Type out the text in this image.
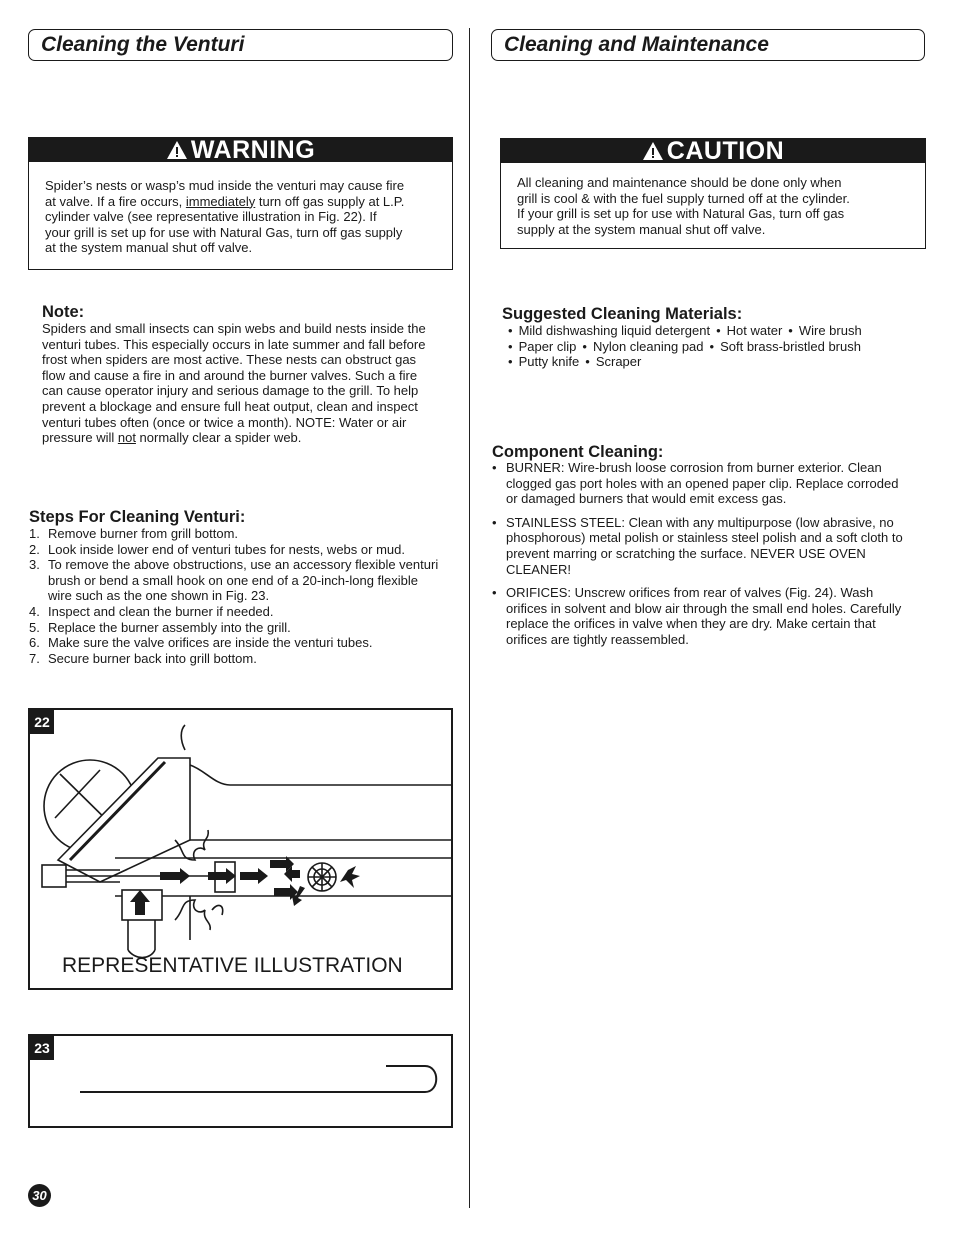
Cleaning the Venturi
WARNING
Spider’s nests or wasp’s mud inside the venturi may cause fire
at valve. If a fire occurs, immediately turn off gas supply at L.P.
cylinder valve (see representative illustration in Fig. 22). If
your grill is set up for use with Natural Gas, turn off gas supply
at the system manual shut off valve.
Note:
Spiders and small insects can spin webs and build nests inside the
venturi tubes. This especially occurs in late summer and fall before
frost when spiders are most active. These nests can obstruct gas
flow and cause a fire in and around the burner valves. Such a fire
can cause operator injury and serious damage to the grill. To help
prevent a blockage and ensure full heat output, clean and inspect
venturi tubes often (once or twice a month). NOTE: Water or air
pressure will not normally clear a spider web.
Steps For Cleaning Venturi:
1. Remove burner from grill bottom.
2. Look inside lower end of venturi tubes for nests, webs or mud.
3. To remove the above obstructions, use an accessory flexible venturi brush or bend a small hook on one end of a 20-inch-long flexible wire such as the one shown in Fig. 23.
4. Inspect and clean the burner if needed.
5. Replace the burner assembly into the grill.
6. Make sure the valve orifices are inside the venturi tubes.
7. Secure burner back into grill bottom.
22
REPRESENTATIVE ILLUSTRATION
23
30
Cleaning and Maintenance
CAUTION
All cleaning and maintenance should be done only when
grill is cool & with the fuel supply turned off at the cylinder.
If your grill is set up for use with Natural Gas, turn off gas
supply at the system manual shut off valve.
Suggested Cleaning Materials:
• Mild dishwashing liquid detergent • Hot water • Wire brush
• Paper clip • Nylon cleaning pad • Soft brass-bristled brush
• Putty knife • Scraper
Component Cleaning:
• BURNER: Wire-brush loose corrosion from burner exterior. Clean clogged gas port holes with an opened paper clip. Replace corroded or damaged burners that would emit excess gas.
• STAINLESS STEEL: Clean with any multipurpose (low abrasive, no phosphorous) metal polish or stainless steel polish and a soft cloth to prevent marring or scratching the surface. NEVER USE OVEN CLEANER!
• ORIFICES: Unscrew orifices from rear of valves (Fig. 24). Wash orifices in solvent and blow air through the small end holes. Carefully replace the orifices in valve when they are dry. Make certain that orifices are tightly reassembled.
